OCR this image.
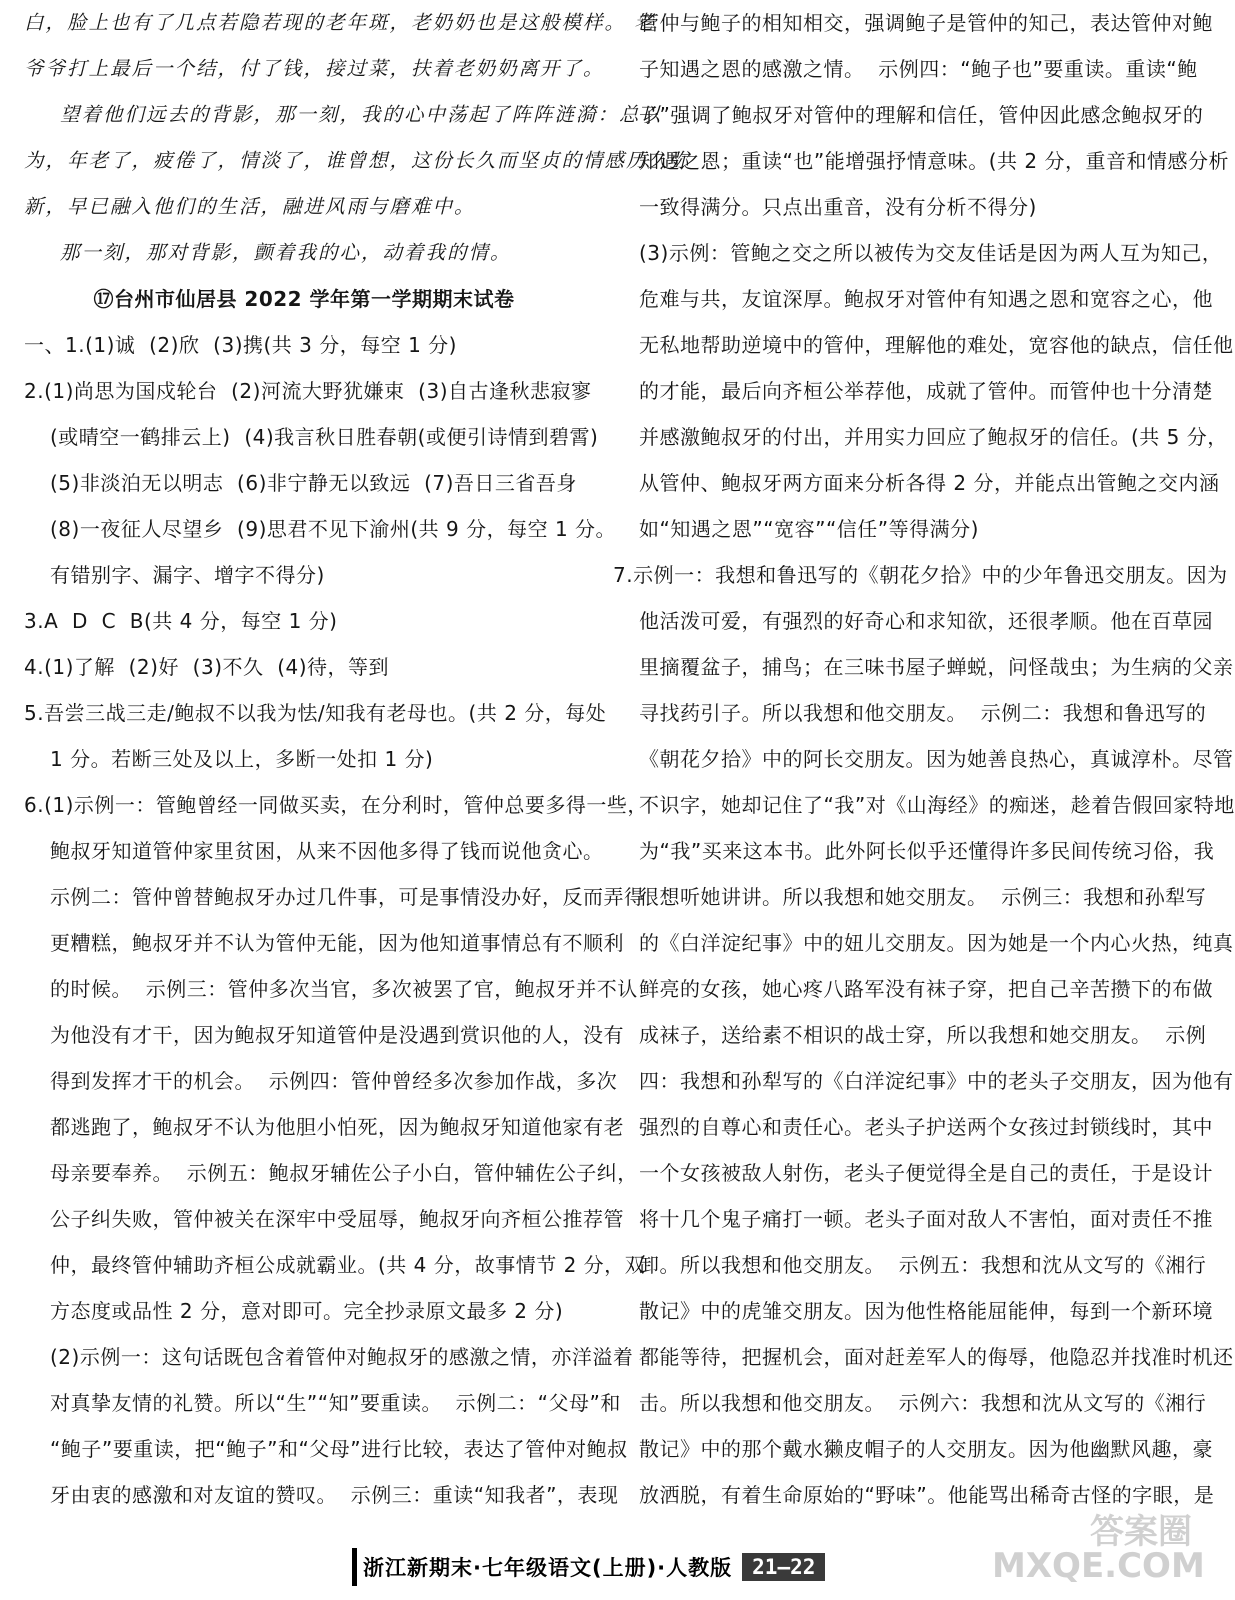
白，脸上也有了几点若隐若现的老年斑，老奶奶也是这般模样。 老
爷爷打上最后一个结，付了钱，接过菜，扶着老奶奶离开了。
望着他们远去的背影，那一刻，我的心中荡起了阵阵涟漪：总以
为，年老了，疲倦了，情淡了，谁曾想，这份长久而坚贞的情感历久弥
新，早已融入他们的生活，融进风雨与磨难中。
那一刻，那对背影，颤着我的心，动着我的情。
⑰台州市仙居县 2022 学年第一学期期末试卷
一、1.(1)诚  (2)欣  (3)携(共 3 分，每空 1 分)
2.(1)尚思为国戍轮台  (2)河流大野犹嫌束  (3)自古逢秋悲寂寥
(或晴空一鹤排云上)  (4)我言秋日胜春朝(或便引诗情到碧霄)
(5)非淡泊无以明志  (6)非宁静无以致远  (7)吾日三省吾身
(8)一夜征人尽望乡  (9)思君不见下渝州(共 9 分，每空 1 分。
有错别字、漏字、增字不得分)
3.A  D  C  B(共 4 分，每空 1 分)
4.(1)了解  (2)好  (3)不久  (4)待，等到
5.吾尝三战三走/鲍叔不以我为怯/知我有老母也。(共 2 分，每处
1 分。若断三处及以上，多断一处扣 1 分)
6.(1)示例一：管鲍曾经一同做买卖，在分利时，管仲总要多得一些，
鲍叔牙知道管仲家里贫困，从来不因他多得了钱而说他贪心。
示例二：管仲曾替鲍叔牙办过几件事，可是事情没办好，反而弄得
更糟糕，鲍叔牙并不认为管仲无能，因为他知道事情总有不顺利
的时候。  示例三：管仲多次当官，多次被罢了官，鲍叔牙并不认
为他没有才干，因为鲍叔牙知道管仲是没遇到赏识他的人，没有
得到发挥才干的机会。  示例四：管仲曾经多次参加作战，多次
都逃跑了，鲍叔牙不认为他胆小怕死，因为鲍叔牙知道他家有老
母亲要奉养。  示例五：鲍叔牙辅佐公子小白，管仲辅佐公子纠，
公子纠失败，管仲被关在深牢中受屈辱，鲍叔牙向齐桓公推荐管
仲，最终管仲辅助齐桓公成就霸业。(共 4 分，故事情节 2 分，双
方态度或品性 2 分，意对即可。完全抄录原文最多 2 分)
(2)示例一：这句话既包含着管仲对鲍叔牙的感激之情，亦洋溢着
对真挚友情的礼赞。所以“生”“知”要重读。  示例二：“父母”和
“鲍子”要重读，把“鲍子”和“父母”进行比较，表达了管仲对鲍叔
牙由衷的感激和对友谊的赞叹。  示例三：重读“知我者”，表现
管仲与鲍子的相知相交，强调鲍子是管仲的知己，表达管仲对鲍
子知遇之恩的感激之情。  示例四：“鲍子也”要重读。重读“鲍
子”强调了鲍叔牙对管仲的理解和信任，管仲因此感念鲍叔牙的
知遇之恩；重读“也”能增强抒情意味。(共 2 分，重音和情感分析
一致得满分。只点出重音，没有分析不得分)
(3)示例：管鲍之交之所以被传为交友佳话是因为两人互为知己，
危难与共，友谊深厚。鲍叔牙对管仲有知遇之恩和宽容之心，他
无私地帮助逆境中的管仲，理解他的难处，宽容他的缺点，信任他
的才能，最后向齐桓公举荐他，成就了管仲。而管仲也十分清楚
并感激鲍叔牙的付出，并用实力回应了鲍叔牙的信任。(共 5 分，
从管仲、鲍叔牙两方面来分析各得 2 分，并能点出管鲍之交内涵
如“知遇之恩”“宽容”“信任”等得满分)
7.示例一：我想和鲁迅写的《朝花夕拾》中的少年鲁迅交朋友。因为
他活泼可爱，有强烈的好奇心和求知欲，还很孝顺。他在百草园
里摘覆盆子，捕鸟；在三味书屋子蝉蜕，问怪哉虫；为生病的父亲
寻找药引子。所以我想和他交朋友。  示例二：我想和鲁迅写的
《朝花夕拾》中的阿长交朋友。因为她善良热心，真诚淳朴。尽管
不识字，她却记住了“我”对《山海经》的痴迷，趁着告假回家特地
为“我”买来这本书。此外阿长似乎还懂得许多民间传统习俗，我
很想听她讲讲。所以我想和她交朋友。  示例三：我想和孙犁写
的《白洋淀纪事》中的妞儿交朋友。因为她是一个内心火热，纯真
鲜亮的女孩，她心疼八路军没有袜子穿，把自己辛苦攒下的布做
成袜子，送给素不相识的战士穿，所以我想和她交朋友。  示例
四：我想和孙犁写的《白洋淀纪事》中的老头子交朋友，因为他有
强烈的自尊心和责任心。老头子护送两个女孩过封锁线时，其中
一个女孩被敌人射伤，老头子便觉得全是自己的责任，于是设计
将十几个鬼子痛打一顿。老头子面对敌人不害怕，面对责任不推
卸。所以我想和他交朋友。  示例五：我想和沈从文写的《湘行
散记》中的虎雏交朋友。因为他性格能屈能伸，每到一个新环境
都能等待，把握机会，面对赶差军人的侮辱，他隐忍并找准时机还
击。所以我想和他交朋友。  示例六：我想和沈从文写的《湘行
散记》中的那个戴水獭皮帽子的人交朋友。因为他幽默风趣，豪
放洒脱，有着生命原始的“野味”。他能骂出稀奇古怪的字眼，是
浙江新期末·七年级语文(上册)·人教版 21—22
答案圈
MXQE.COM
